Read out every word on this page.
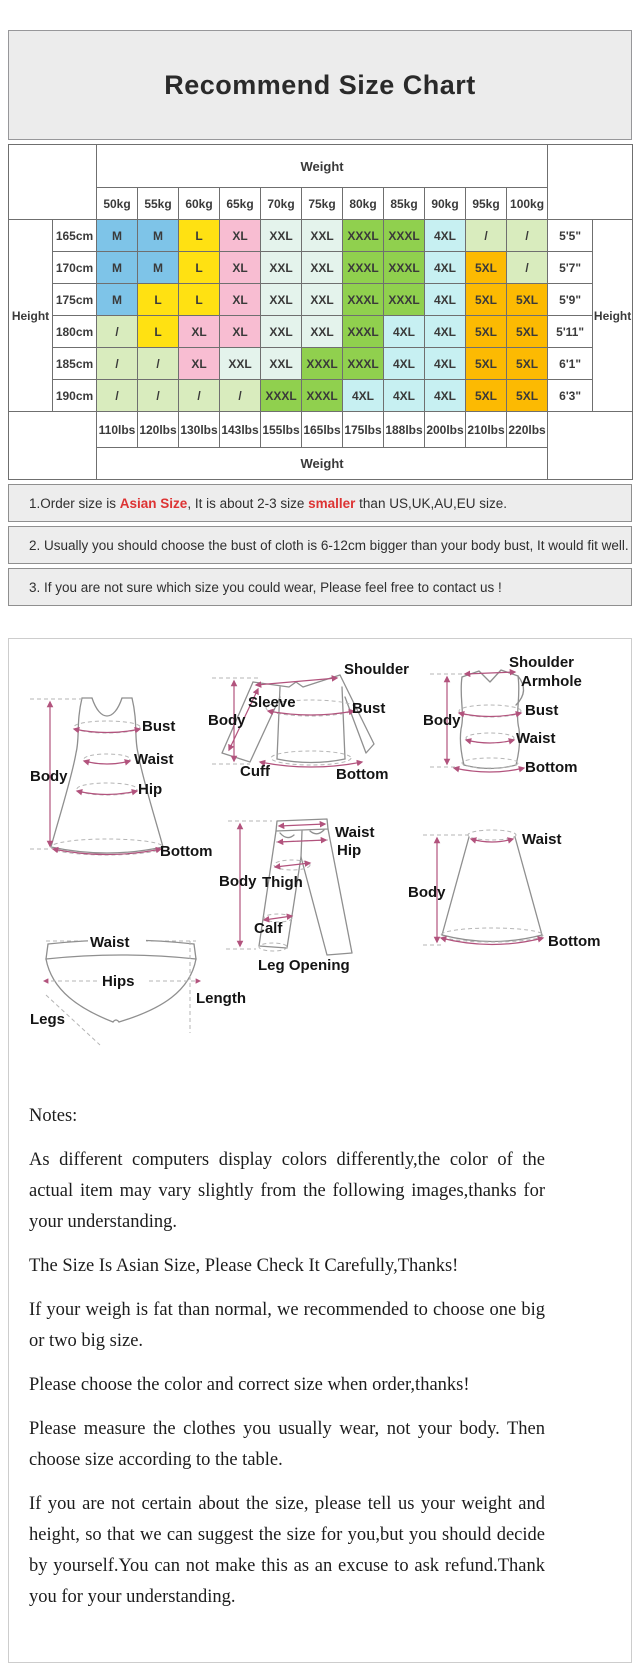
Recommend Size Chart
		Weight												
		50kg	55kg	60kg	65kg	70kg	75kg	80kg	85kg	90kg	95kg	100kg		
Height	165cm	M	M	L	XL	XXL	XXL	XXXL	XXXL	4XL	/	/	5'5"	Height
	170cm	M	M	L	XL	XXL	XXL	XXXL	XXXL	4XL	5XL	/	5'7"	
	175cm	M	L	L	XL	XXL	XXL	XXXL	XXXL	4XL	5XL	5XL	5'9"	
	180cm	/	L	XL	XL	XXL	XXL	XXXL	4XL	4XL	5XL	5XL	5'11"	
	185cm	/	/	XL	XXL	XXL	XXXL	XXXL	4XL	4XL	5XL	5XL	6'1"	
	190cm	/	/	/	/	XXXL	XXXL	4XL	4XL	4XL	5XL	5XL	6'3"	
		110lbs	120lbs	130lbs	143lbs	155lbs	165lbs	175lbs	188lbs	200lbs	210lbs	220lbs		
		Weight												
1.Order size is Asian Size, It is about 2-3 size smaller than US,UK,AU,EU size.
2. Usually you should choose the bust of cloth is 6-12cm bigger than your body bust, It would fit well.
3. If you are not sure which size you could wear, Please feel free to contact us !
Body
Bust
Waist
Hip
Bottom
Shoulder
Sleeve
Body
Bust
Cuff	Bottom
Shoulder
Armhole
Body
Bust
Waist
Bottom
Waist
Hip
Body Thigh
Calf
Leg Opening
Waist
Body
Bottom
Waist
Hips
Legs
Length

Notes:

As different computers display colors differently,the color of the actual item may vary slightly from the following images,thanks for your understanding.

The Size Is Asian Size, Please Check It Carefully,Thanks!

If your weigh is fat than normal, we recommended to choose one big or two big size.

Please choose the color and correct size when order,thanks!

Please measure the clothes you usually wear, not your body. Then choose size according to the table.

If you are not certain about the size, please tell us your weight and height, so that we can suggest the size for you,but you should decide by yourself.You can not make this as an excuse to ask refund.Thank you for your understanding.
